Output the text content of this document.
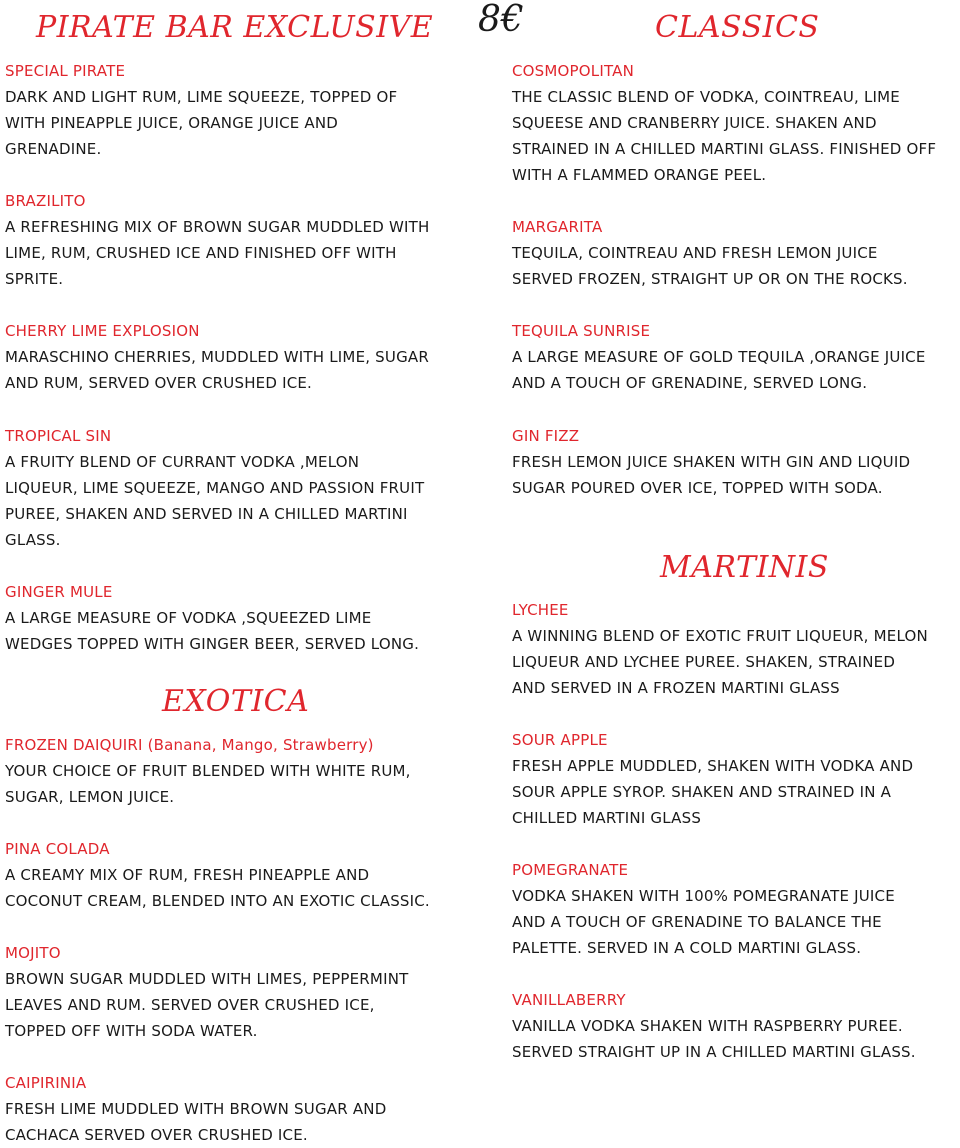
PIRATE BAR EXCLUSIVE
SPECIAL PIRATE
DARK AND LIGHT RUM, LIME SQUEEZE, TOPPED OF
WITH PINEAPPLE JUICE, ORANGE JUICE AND
GRENADINE.
BRAZILITO
A REFRESHING MIX OF BROWN SUGAR MUDDLED WITH
LIME, RUM, CRUSHED ICE AND FINISHED OFF WITH
SPRITE.
CHERRY LIME EXPLOSION
MARASCHINO CHERRIES, MUDDLED WITH LIME, SUGAR
AND RUM, SERVED OVER CRUSHED ICE.
TROPICAL SIN
A FRUITY BLEND OF CURRANT VODKA ,MELON
LIQUEUR, LIME SQUEEZE, MANGO AND PASSION FRUIT
PUREE, SHAKEN AND SERVED IN A CHILLED MARTINI
GLASS.
GINGER MULE
A LARGE MEASURE OF VODKA ,SQUEEZED LIME
WEDGES TOPPED WITH GINGER BEER, SERVED LONG.
EXOTICA
FROZEN DAIQUIRI (Banana, Mango, Strawberry)
YOUR CHOICE OF FRUIT BLENDED WITH WHITE RUM,
SUGAR, LEMON JUICE.
PINA COLADA
A CREAMY MIX OF RUM, FRESH PINEAPPLE AND
COCONUT CREAM, BLENDED INTO AN EXOTIC CLASSIC.
MOJITO
BROWN SUGAR MUDDLED WITH LIMES, PEPPERMINT
LEAVES AND RUM. SERVED OVER CRUSHED ICE,
TOPPED OFF WITH SODA WATER.
CAIPIRINIA
FRESH LIME MUDDLED WITH BROWN SUGAR AND
CACHACA SERVED OVER CRUSHED ICE.
8€	CLASSICS
COSMOPOLITAN
THE CLASSIC BLEND OF VODKA, COINTREAU, LIME
SQUEESE AND CRANBERRY JUICE. SHAKEN AND
STRAINED IN A CHILLED MARTINI GLASS. FINISHED OFF
WITH A FLAMMED ORANGE PEEL.
MARGARITA
TEQUILA, COINTREAU AND FRESH LEMON JUICE
SERVED FROZEN, STRAIGHT UP OR ON THE ROCKS.
TEQUILA SUNRISE
A LARGE MEASURE OF GOLD TEQUILA ,ORANGE JUICE
AND A TOUCH OF GRENADINE, SERVED LONG.
GIN FIZZ
FRESH LEMON JUICE SHAKEN WITH GIN AND LIQUID
SUGAR POURED OVER ICE, TOPPED WITH SODA.
MARTINIS
LYCHEE
A WINNING BLEND OF EXOTIC FRUIT LIQUEUR, MELON
LIQUEUR AND LYCHEE PUREE. SHAKEN, STRAINED
AND SERVED IN A FROZEN MARTINI GLASS
SOUR APPLE
FRESH APPLE MUDDLED, SHAKEN WITH VODKA AND
SOUR APPLE SYROP. SHAKEN AND STRAINED IN A
CHILLED MARTINI GLASS
POMEGRANATE
VODKA SHAKEN WITH 100% POMEGRANATE JUICE
AND A TOUCH OF GRENADINE TO BALANCE THE
PALETTE. SERVED IN A COLD MARTINI GLASS.
VANILLABERRY
VANILLA VODKA SHAKEN WITH RASPBERRY PUREE.
SERVED STRAIGHT UP IN A CHILLED MARTINI GLASS.
